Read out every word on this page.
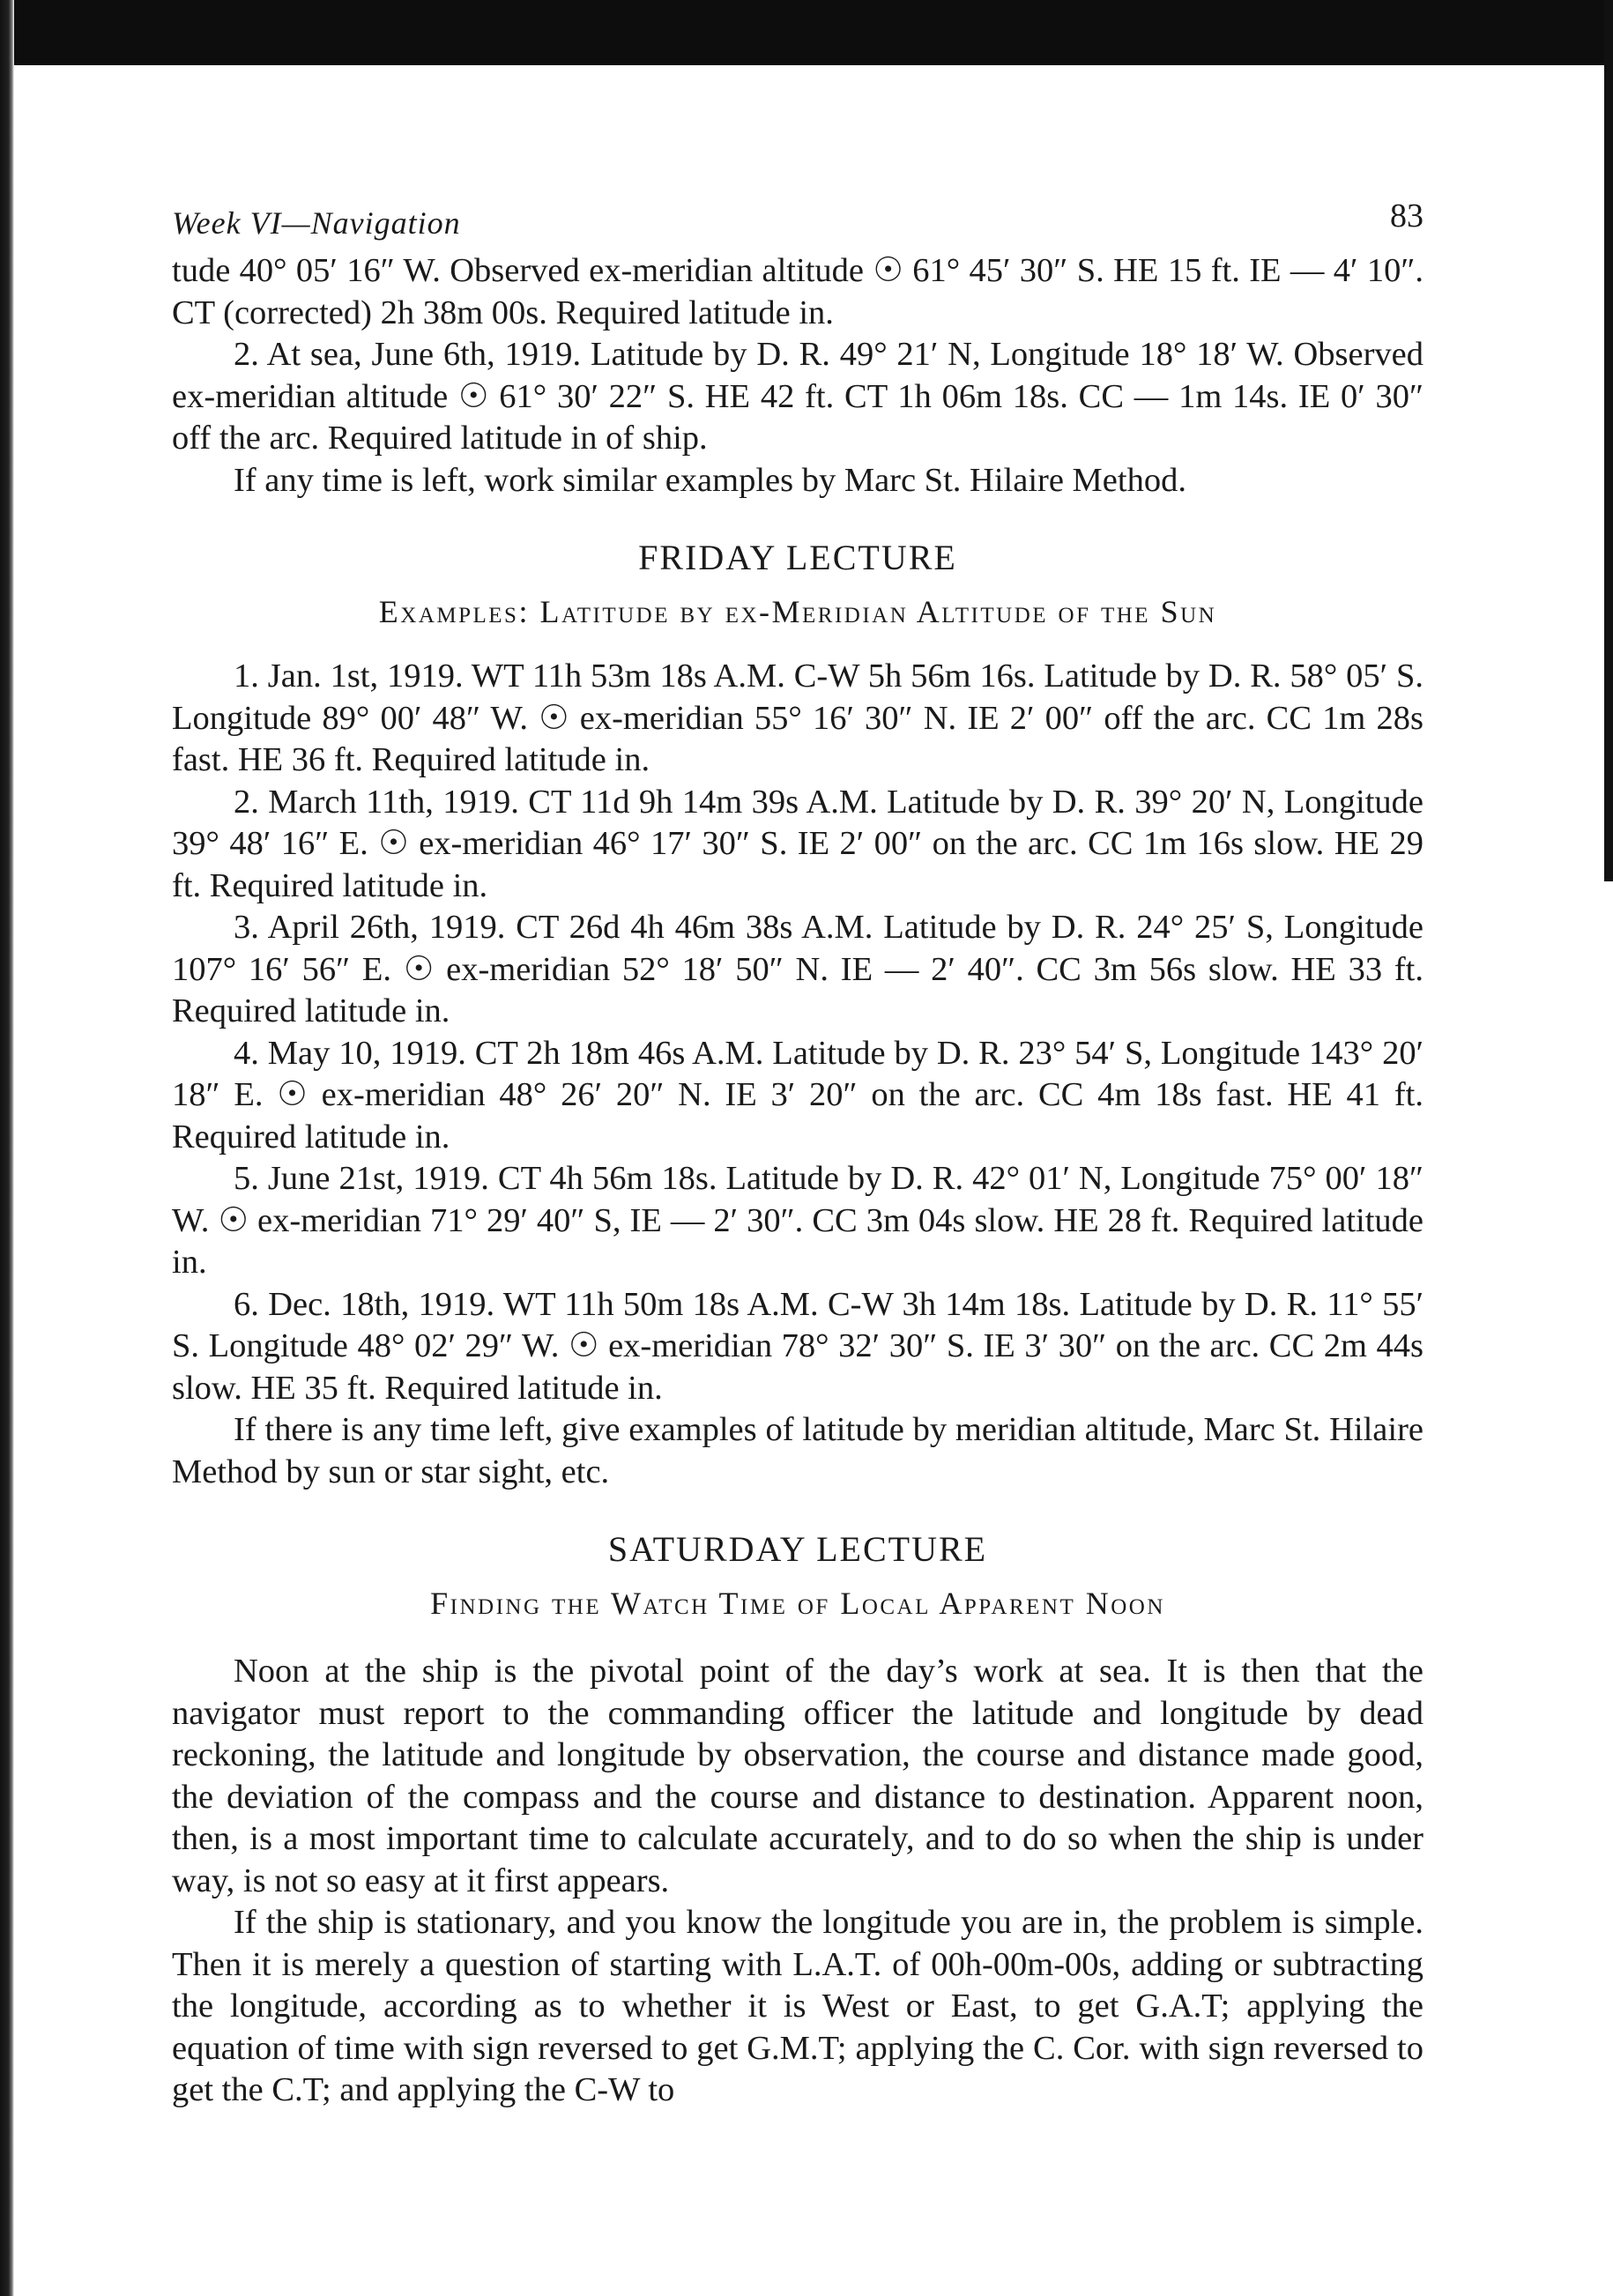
Week VI—Navigation	83

tude 40° 05′ 16″ W. Observed ex-meridian altitude ☉ 61° 45′ 30″ S. HE 15 ft. IE — 4′ 10″. CT (corrected) 2h 38m 00s. Required latitude in.

2. At sea, June 6th, 1919. Latitude by D. R. 49° 21′ N, Longitude 18° 18′ W. Observed ex-meridian altitude ☉ 61° 30′ 22″ S. HE 42 ft. CT 1h 06m 18s. CC — 1m 14s. IE 0′ 30″ off the arc. Required latitude in of ship.

If any time is left, work similar examples by Marc St. Hilaire Method.

FRIDAY LECTURE
Examples: Latitude by ex-Meridian Altitude of the Sun

1. Jan. 1st, 1919. WT 11h 53m 18s A.M. C-W 5h 56m 16s. Latitude by D. R. 58° 05′ S. Longitude 89° 00′ 48″ W. ☉ ex-meridian 55° 16′ 30″ N. IE 2′ 00″ off the arc. CC 1m 28s fast. HE 36 ft. Required latitude in.

2. March 11th, 1919. CT 11d 9h 14m 39s A.M. Latitude by D. R. 39° 20′ N, Longitude 39° 48′ 16″ E. ☉ ex-meridian 46° 17′ 30″ S. IE 2′ 00″ on the arc. CC 1m 16s slow. HE 29 ft. Required latitude in.

3. April 26th, 1919. CT 26d 4h 46m 38s A.M. Latitude by D. R. 24° 25′ S, Longitude 107° 16′ 56″ E. ☉ ex-meridian 52° 18′ 50″ N. IE — 2′ 40″. CC 3m 56s slow. HE 33 ft. Required latitude in.

4. May 10, 1919. CT 2h 18m 46s A.M. Latitude by D. R. 23° 54′ S, Longitude 143° 20′ 18″ E. ☉ ex-meridian 48° 26′ 20″ N. IE 3′ 20″ on the arc. CC 4m 18s fast. HE 41 ft. Required latitude in.

5. June 21st, 1919. CT 4h 56m 18s. Latitude by D. R. 42° 01′ N, Longitude 75° 00′ 18″ W. ☉ ex-meridian 71° 29′ 40″ S, IE — 2′ 30″. CC 3m 04s slow. HE 28 ft. Required latitude in.

6. Dec. 18th, 1919. WT 11h 50m 18s A.M. C-W 3h 14m 18s. Latitude by D. R. 11° 55′ S. Longitude 48° 02′ 29″ W. ☉ ex-meridian 78° 32′ 30″ S. IE 3′ 30″ on the arc. CC 2m 44s slow. HE 35 ft. Required latitude in.

If there is any time left, give examples of latitude by meridian altitude, Marc St. Hilaire Method by sun or star sight, etc.

SATURDAY LECTURE
Finding the Watch Time of Local Apparent Noon

Noon at the ship is the pivotal point of the day’s work at sea. It is then that the navigator must report to the commanding officer the latitude and longitude by dead reckoning, the latitude and longitude by observation, the course and distance made good, the deviation of the compass and the course and distance to destination. Apparent noon, then, is a most important time to calculate accurately, and to do so when the ship is under way, is not so easy at it first appears.

If the ship is stationary, and you know the longitude you are in, the problem is simple. Then it is merely a question of starting with L.A.T. of 00h-00m-00s, adding or subtracting the longitude, according as to whether it is West or East, to get G.A.T; applying the equation of time with sign reversed to get G.M.T; applying the C. Cor. with sign reversed to get the C.T; and applying the C-W to
